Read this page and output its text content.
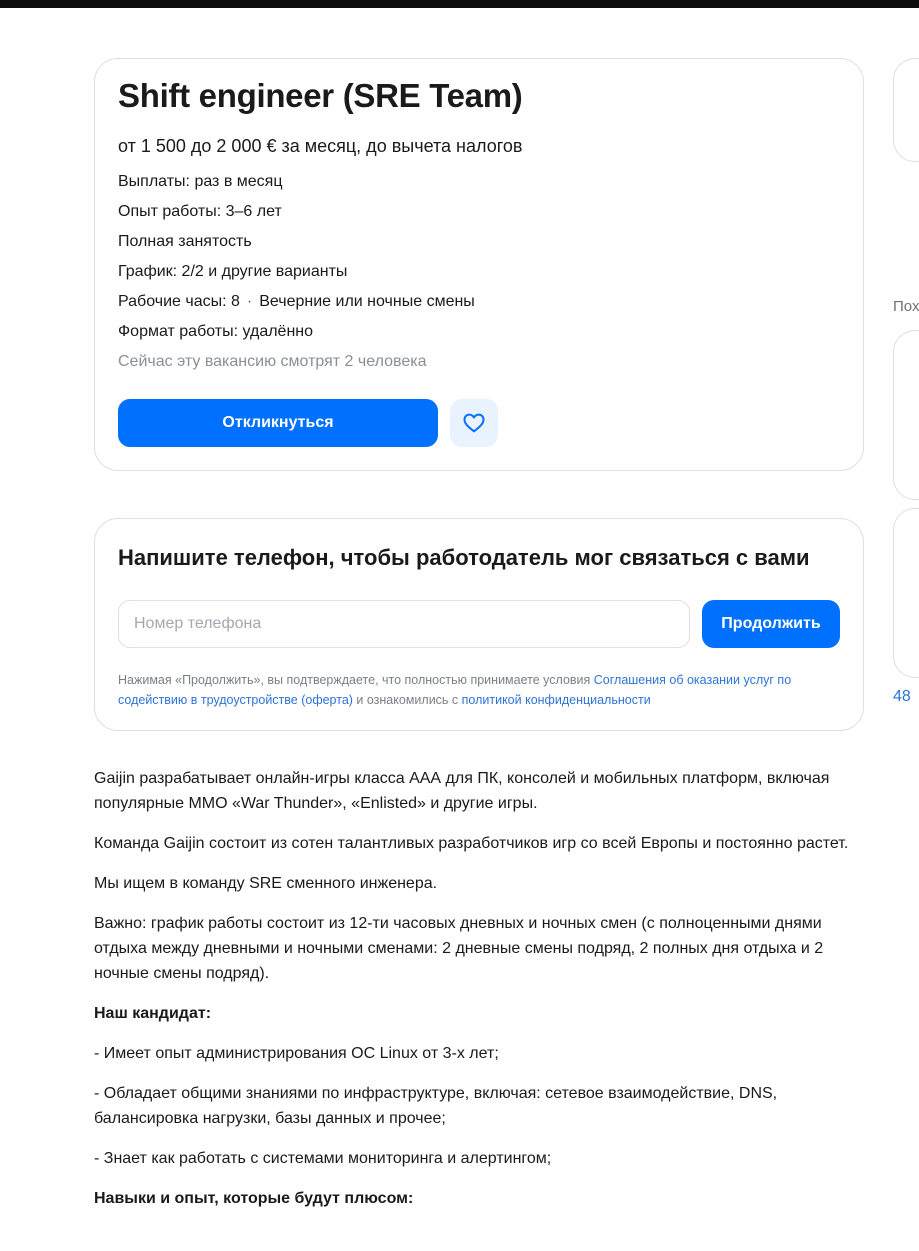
Shift engineer (SRE Team)
от 1 500 до 2 000 € за месяц, до вычета налогов
Выплаты: раз в месяц
Опыт работы: 3–6 лет
Полная занятость
График: 2/2 и другие варианты
Рабочие часы: 8 · Вечерние или ночные смены
Формат работы: удалённо
Сейчас эту вакансию смотрят 2 человека
Откликнуться
Напишите телефон, чтобы работодатель мог связаться с вами
Номер телефона
Продолжить
Нажимая «Продолжить», вы подтверждаете, что полностью принимаете условия Соглашения об оказании услуг по содействию в трудоустройстве (оферта) и ознакомились с политикой конфиденциальности

Gaijin разрабатывает онлайн-игры класса ААА для ПК, консолей и мобильных платформ, включая популярные ММО «War Thunder», «Enlisted» и другие игры.

Команда Gaijin состоит из сотен талантливых разработчиков игр со всей Европы и постоянно растет.

Мы ищем в команду SRE сменного инженера.

Важно: график работы состоит из 12-ти часовых дневных и ночных смен (с полноценными днями отдыха между дневными и ночными сменами: 2 дневные смены подряд, 2 полных дня отдыха и 2 ночные смены подряд).

Наш кандидат:

- Имеет опыт администрирования ОС Linux от 3-х лет;

- Обладает общими знаниями по инфраструктуре, включая: сетевое взаимодействие, DNS, балансировка нагрузки, базы данных и прочее;

- Знает как работать с системами мониторинга и алертингом;

Навыки и опыт, которые будут плюсом:

Пох
48
